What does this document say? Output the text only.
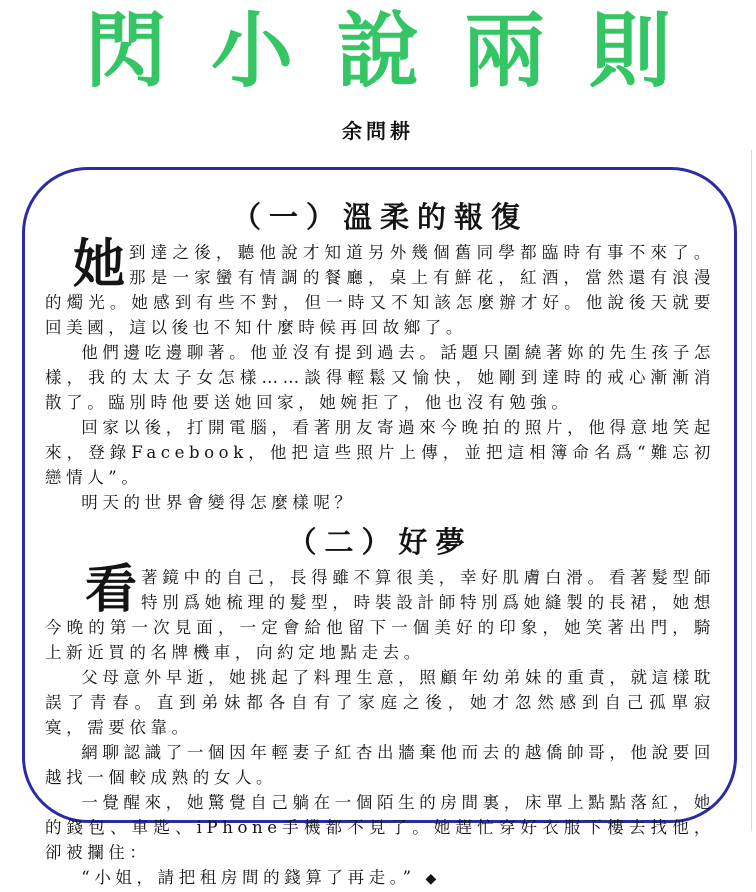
閃小說兩則
余問耕
（一）溫柔的報復

她到達之後，聽他說才知道另外幾個舊同學都臨時有事不來了。那是一家蠻有情調的餐廳，桌上有鮮花，紅酒，當然還有浪漫的燭光。她感到有些不對，但一時又不知該怎麼辦才好。他說後天就要回美國，這以後也不知什麼時候再回故鄉了。

他們邊吃邊聊著。他並沒有提到過去。話題只圍繞著妳的先生孩子怎樣，我的太太子女怎樣……談得輕鬆又愉快，她剛到達時的戒心漸漸消散了。臨別時他要送她回家，她婉拒了，他也沒有勉強。

回家以後，打開電腦，看著朋友寄過來今晚拍的照片，他得意地笑起來，登錄Facebook，他把這些照片上傳，並把這相簿命名爲“難忘初戀情人”。

明天的世界會變得怎麼樣呢？

（二）好夢

看著鏡中的自己，長得雖不算很美，幸好肌膚白滑。看著髮型師特別爲她梳理的髮型，時裝設計師特別爲她縫製的長裙，她想今晚的第一次見面，一定會給他留下一個美好的印象，她笑著出門，騎上新近買的名牌機車，向約定地點走去。

父母意外早逝，她挑起了料理生意，照顧年幼弟妹的重責，就這樣耽誤了青春。直到弟妹都各自有了家庭之後，她才忽然感到自己孤單寂寞，需要依靠。

網聊認識了一個因年輕妻子紅杏出牆棄他而去的越僑帥哥，他說要回越找一個較成熟的女人。

一覺醒來，她驚覺自己躺在一個陌生的房間裏，床單上點點落紅，她的錢包、車匙、iPhone手機都不見了。她趕忙穿好衣服下樓去找他，卻被攔住：

“小姐，請把租房間的錢算了再走。” ◆
